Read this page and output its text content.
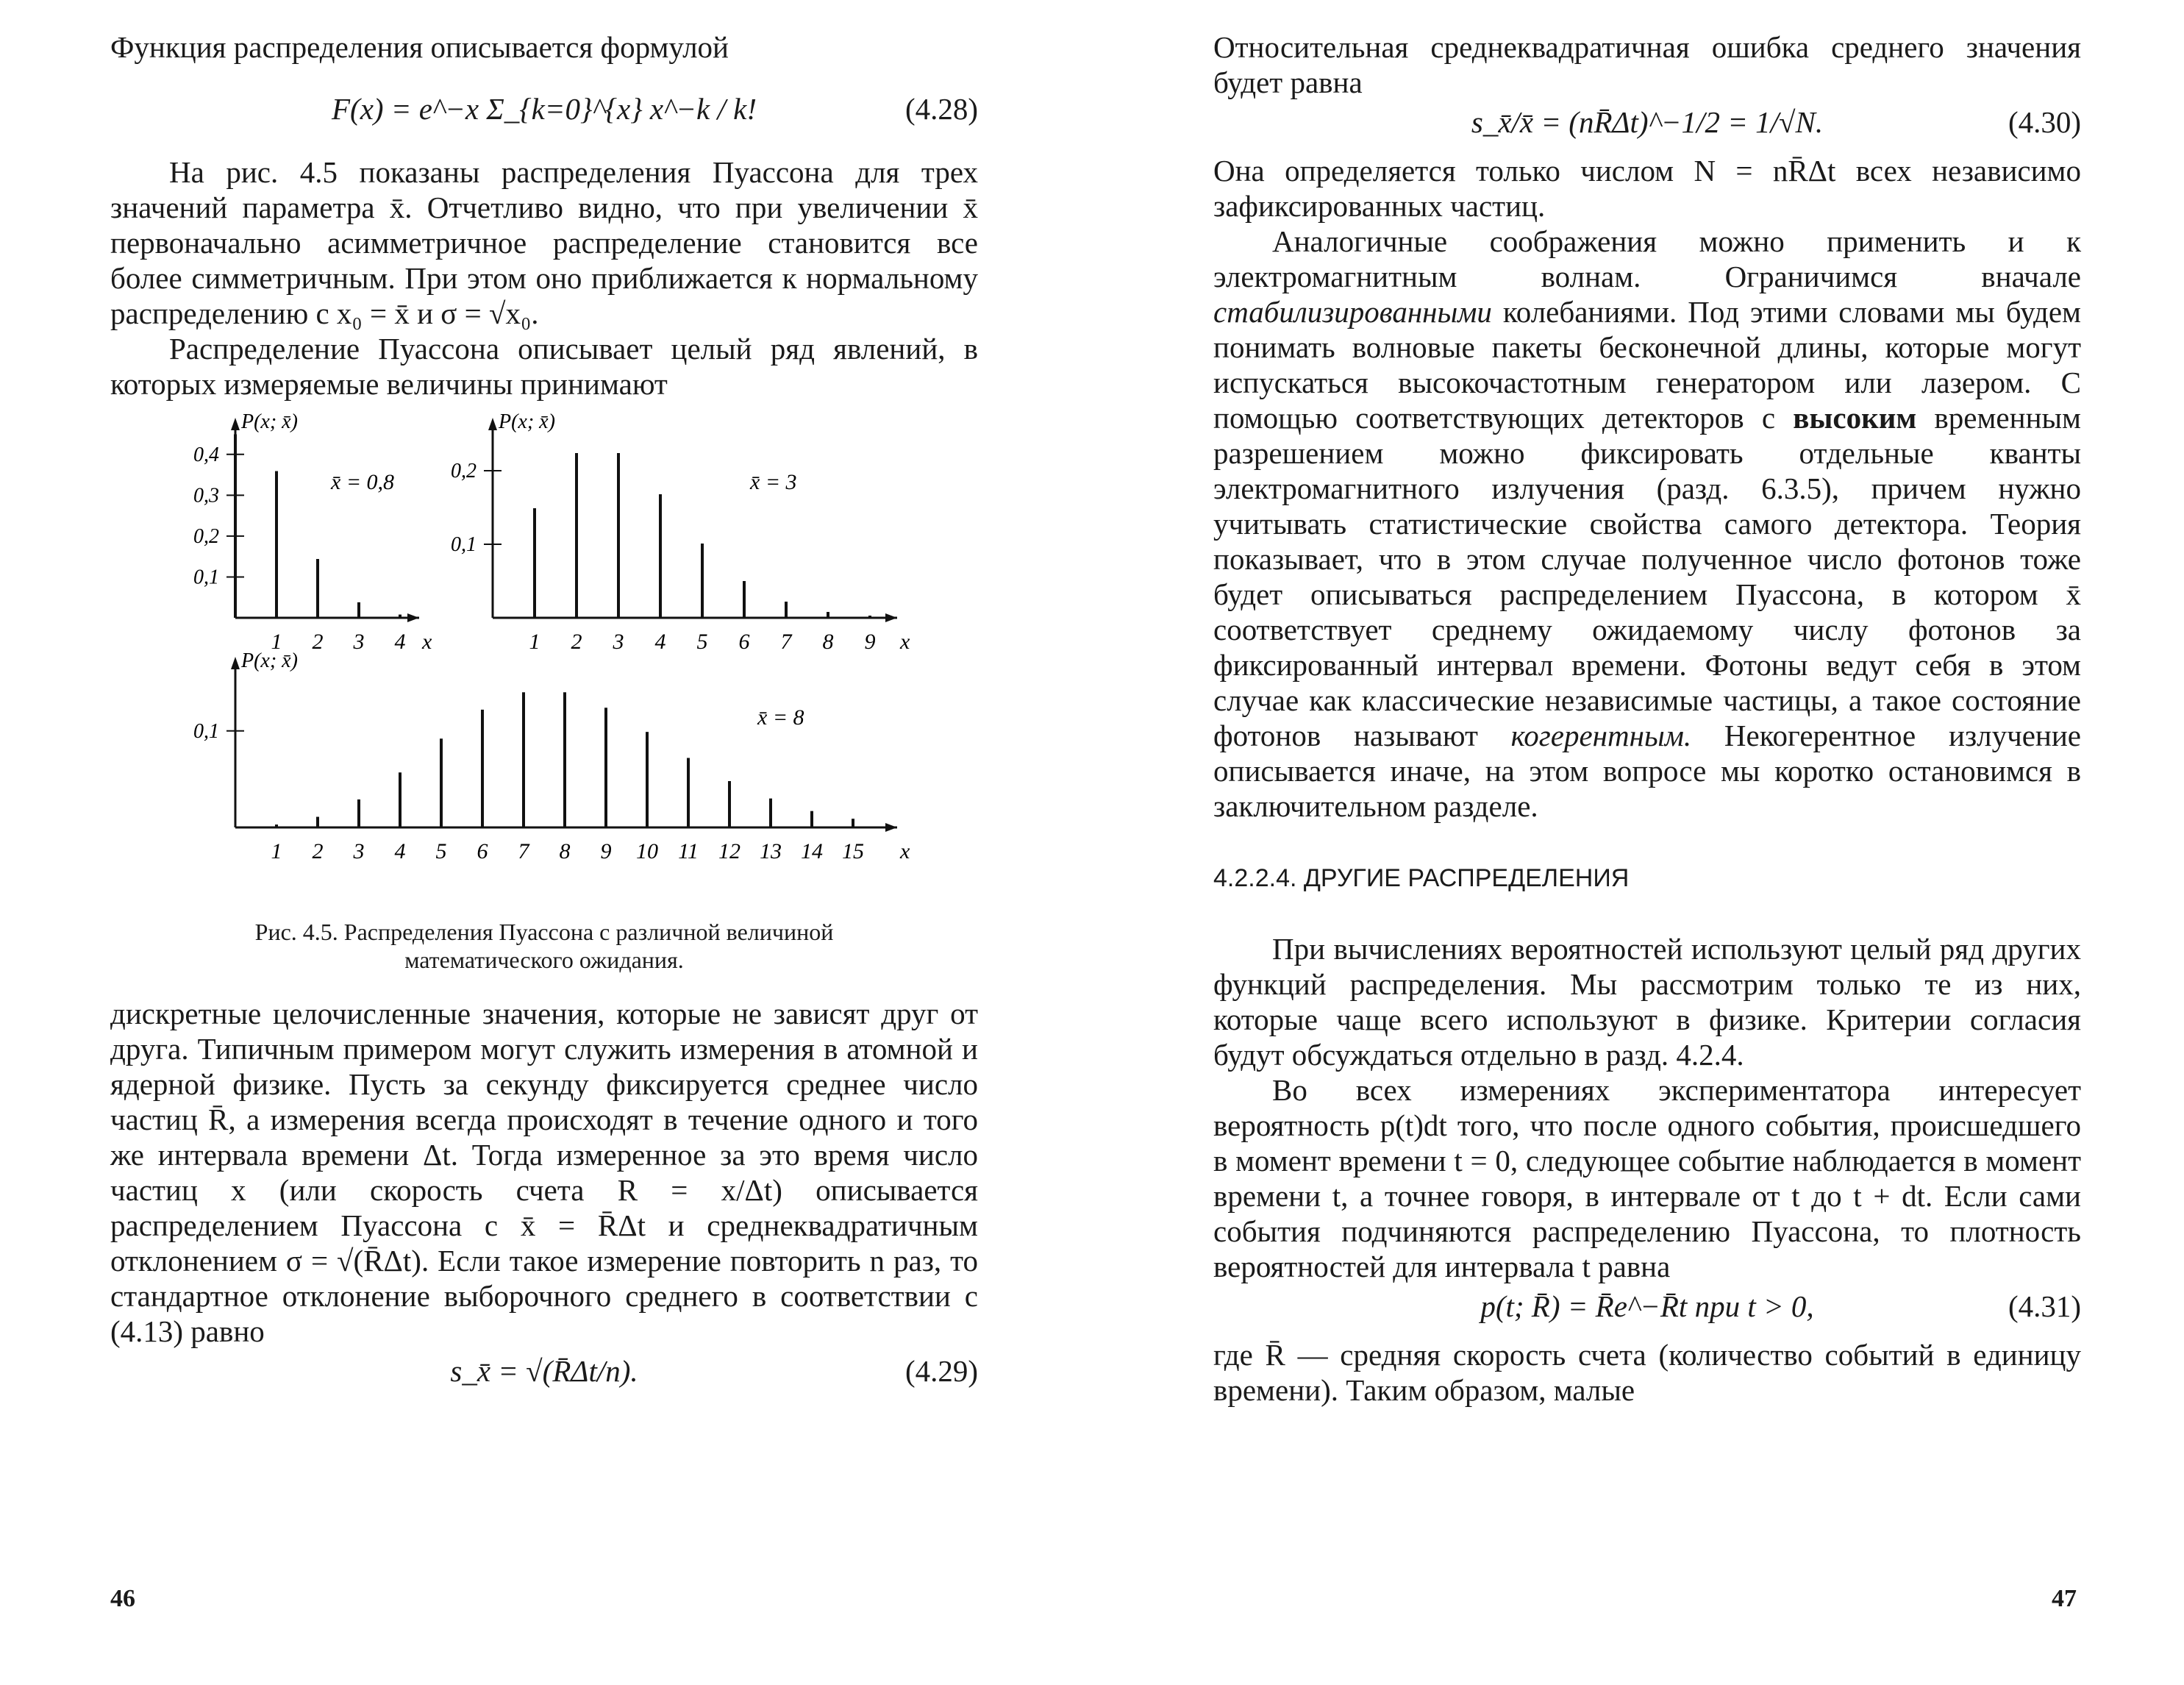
Функция распределения описывается формулой

F(x) = e^−x Σ_{k=0}^{x} x^−k / k!	(4.28)

На рис. 4.5 показаны распределения Пуассона для трех значений параметра x̄. Отчетливо видно, что при увеличении x̄ первоначально асимметричное распределение становится все более симметричным. При этом оно приближается к нормальному распределению с x₀ = x̄ и σ = √x₀.

Распределение Пуассона описывает целый ряд явлений, в которых измеряемые величины принимают

P(x; x̄)
0,1
0,2
0,3
0,4
1 2 3 4 x
x̄ = 0,8
P(x; x̄)
0,1
0,2
1 2 3 4 5 6 7 8 9 x
x̄ = 3
P(x; x̄)
0,1
1 2 3 4 5 6 7 8 9 10 11 12 13 14 15 x
x̄ = 8
Рис. 4.5. Распределения Пуассона с различной величиной математического ожидания.

дискретные целочисленные значения, которые не зависят друг от друга. Типичным примером могут служить измерения в атомной и ядерной физике. Пусть за секунду фиксируется среднее число частиц R̄, а измерения всегда происходят в течение одного и того же интервала времени Δt. Тогда измеренное за это время число частиц x (или скорость счета R = x/Δt) описывается распределением Пуассона с x̄ = R̄Δt и среднеквадратичным отклонением σ = √(R̄Δt). Если такое измерение повторить n раз, то стандартное отклонение выборочного среднего в соответствии с (4.13) равно

s_x̄ = √(R̄Δt/n).	(4.29)
46

Относительная среднеквадратичная ошибка среднего значения будет равна

s_x̄/x̄ = (nR̄Δt)^−1/2 = 1/√N.	(4.30)

Она определяется только числом N = nR̄Δt всех независимо зафиксированных частиц.

Аналогичные соображения можно применить и к электромагнитным волнам. Ограничимся вначале стабилизированными колебаниями. Под этими словами мы будем понимать волновые пакеты бесконечной длины, которые могут испускаться высокочастотным генератором или лазером. С помощью соответствующих детекторов с высоким временным разрешением можно фиксировать отдельные кванты электромагнитного излучения (разд. 6.3.5), причем нужно учитывать статистические свойства самого детектора. Теория показывает, что в этом случае полученное число фотонов тоже будет описываться распределением Пуассона, в котором x̄ соответствует среднему ожидаемому числу фотонов за фиксированный интервал времени. Фотоны ведут себя в этом случае как классические независимые частицы, а такое состояние фотонов называют когерентным. Некогерентное излучение описывается иначе, на этом вопросе мы коротко остановимся в заключительном разделе.

4.2.2.4. ДРУГИЕ РАСПРЕДЕЛЕНИЯ

При вычислениях вероятностей используют целый ряд других функций распределения. Мы рассмотрим только те из них, которые чаще всего используют в физике. Критерии согласия будут обсуждаться отдельно в разд. 4.2.4.

Во всех измерениях экспериментатора интересует вероятность p(t)dt того, что после одного события, происшедшего в момент времени t = 0, следующее событие наблюдается в момент времени t, а точнее говоря, в интервале от t до t + dt. Если сами события подчиняются распределению Пуассона, то плотность вероятностей для интервала t равна

p(t; R̄) = R̄e^−R̄t при t > 0,	(4.31)

где R̄ — средняя скорость счета (количество событий в единицу времени). Таким образом, малые

47
